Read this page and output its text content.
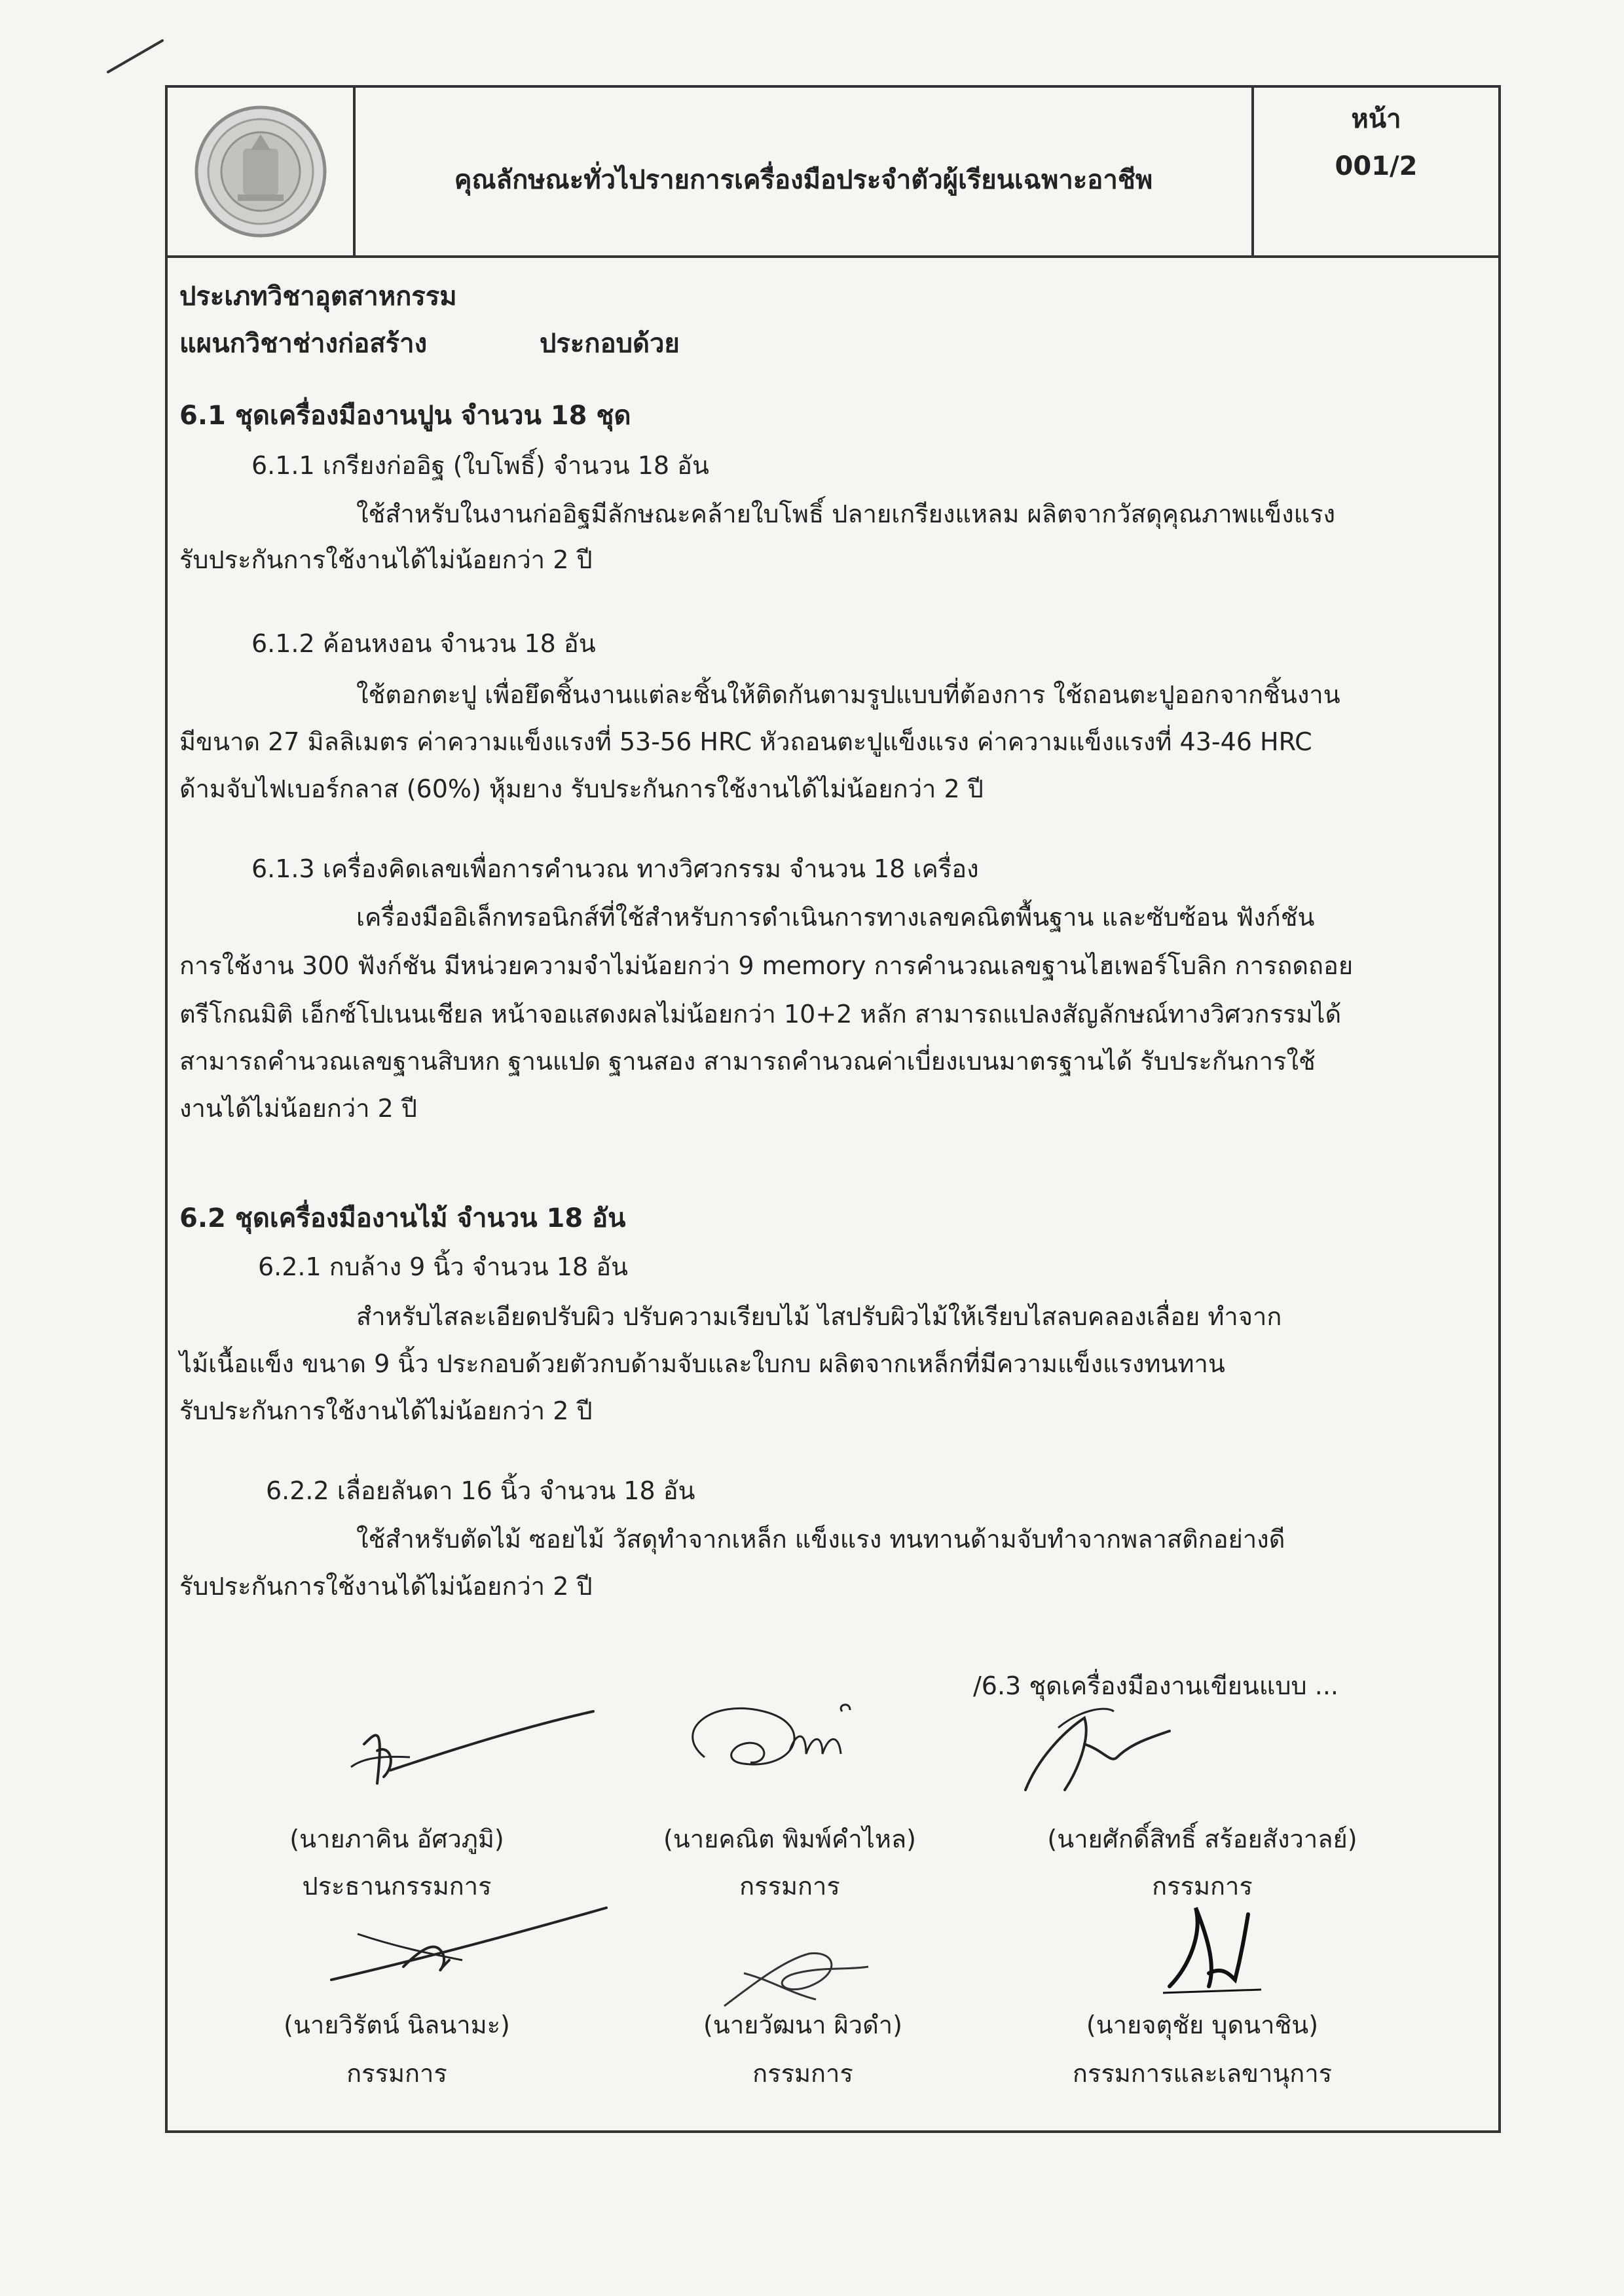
คุณลักษณะทั่วไปรายการเครื่องมือประจำตัวผู้เรียนเฉพาะอาชีพ
หน้า
001/2
ประเภทวิชาอุตสาหกรรม
แผนกวิชาช่างก่อสร้าง	ประกอบด้วย
6.1 ชุดเครื่องมืองานปูน จำนวน 18 ชุด
6.1.1 เกรียงก่ออิฐ (ใบโพธิ์) จำนวน 18 อัน
ใช้สำหรับในงานก่ออิฐมีลักษณะคล้ายใบโพธิ์ ปลายเกรียงแหลม ผลิตจากวัสดุคุณภาพแข็งแรง
รับประกันการใช้งานได้ไม่น้อยกว่า 2 ปี
6.1.2 ค้อนหงอน จำนวน 18 อัน
ใช้ตอกตะปู เพื่อยึดชิ้นงานแต่ละชิ้นให้ติดกันตามรูปแบบที่ต้องการ ใช้ถอนตะปูออกจากชิ้นงาน
มีขนาด 27 มิลลิเมตร ค่าความแข็งแรงที่ 53-56 HRC หัวถอนตะปูแข็งแรง ค่าความแข็งแรงที่ 43-46 HRC
ด้ามจับไฟเบอร์กลาส (60%) หุ้มยาง รับประกันการใช้งานได้ไม่น้อยกว่า 2 ปี
6.1.3 เครื่องคิดเลขเพื่อการคำนวณ ทางวิศวกรรม จำนวน 18 เครื่อง
เครื่องมืออิเล็กทรอนิกส์ที่ใช้สำหรับการดำเนินการทางเลขคณิตพื้นฐาน และซับซ้อน ฟังก์ชัน
การใช้งาน 300 ฟังก์ชัน มีหน่วยความจำไม่น้อยกว่า 9 memory การคำนวณเลขฐานไฮเพอร์โบลิก การถดถอย
ตรีโกณมิติ เอ็กซ์โปเนนเชียล หน้าจอแสดงผลไม่น้อยกว่า 10+2 หลัก สามารถแปลงสัญลักษณ์ทางวิศวกรรมได้
สามารถคำนวณเลขฐานสิบหก ฐานแปด ฐานสอง สามารถคำนวณค่าเบี่ยงเบนมาตรฐานได้ รับประกันการใช้
งานได้ไม่น้อยกว่า 2 ปี
6.2 ชุดเครื่องมืองานไม้ จำนวน 18 อัน
6.2.1 กบล้าง 9 นิ้ว จำนวน 18 อัน
สำหรับไสละเอียดปรับผิว ปรับความเรียบไม้ ไสปรับผิวไม้ให้เรียบไสลบคลองเลื่อย ทำจาก
ไม้เนื้อแข็ง ขนาด 9 นิ้ว ประกอบด้วยตัวกบด้ามจับและใบกบ ผลิตจากเหล็กที่มีความแข็งแรงทนทาน
รับประกันการใช้งานได้ไม่น้อยกว่า 2 ปี
6.2.2 เลื่อยลันดา 16 นิ้ว จำนวน 18 อัน
ใช้สำหรับตัดไม้ ซอยไม้ วัสดุทำจากเหล็ก แข็งแรง ทนทานด้ามจับทำจากพลาสติกอย่างดี
รับประกันการใช้งานได้ไม่น้อยกว่า 2 ปี
/6.3 ชุดเครื่องมืองานเขียนแบบ ...
(นายภาคิน อัศวภูมิ)
ประธานกรรมการ
(นายคณิต พิมพ์คำไหล)
กรรมการ
(นายศักดิ์สิทธิ์ สร้อยสังวาลย์)
กรรมการ
(นายวิรัตน์ นิลนามะ)
กรรมการ
(นายวัฒนา ผิวดำ)
กรรมการ
(นายจตุชัย บุดนาชิน)
กรรมการและเลขานุการ
